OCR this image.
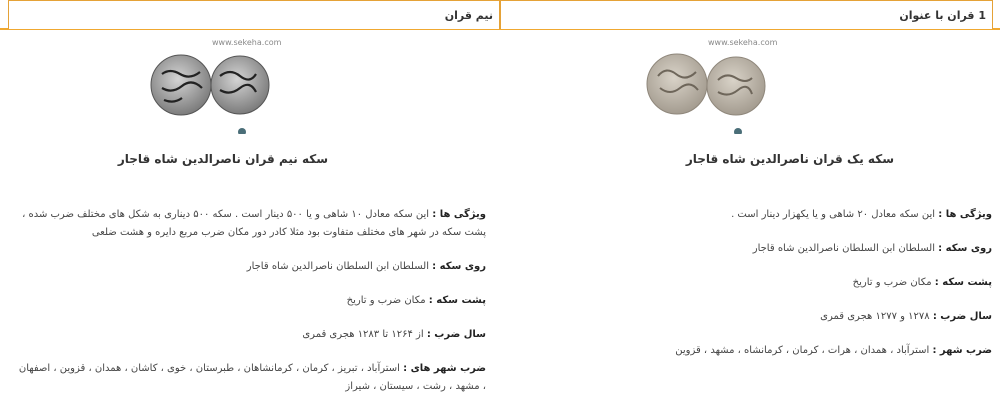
1 قران با عنوان
نیم قران
www.sekeha.com
سکه یک قران ناصرالدین شاه قاجار
ویژگی ها : این سکه معادل ۲۰ شاهی و یا یکهزار دینار است .
روی سکه : السلطان ابن السلطان ناصرالدین شاه قاجار
پشت سکه : مکان ضرب و تاریخ
سال ضرب : ۱۲۷۸ و ۱۲۷۷ هجری قمری
ضرب شهر : استرآباد ، همدان ، هرات ، کرمان ، کرمانشاه ، مشهد ، قزوین
www.sekeha.com
سکه نیم قران ناصرالدین شاه قاجار
ویژگی ها : این سکه معادل ۱۰ شاهی و یا ۵۰۰ دینار است . سکه ۵۰۰ دیناری به شکل های مختلف ضرب شده ، پشت سکه در شهر های مختلف متفاوت بود مثلا کادر دور مکان ضرب مربع دایره و هشت ضلعی
روی سکه : السلطان ابن السلطان ناصرالدین شاه قاجار
پشت سکه : مکان ضرب و تاریخ
سال ضرب : از ۱۲۶۴ تا ۱۲۸۳ هجری قمری
ضرب شهر های : استرآباد ، تبریز ، کرمان ، کرمانشاهان ، طبرستان ، خوی ، کاشان ، همدان ، قزوین ، اصفهان ، مشهد ، رشت ، سیستان ، شیراز
